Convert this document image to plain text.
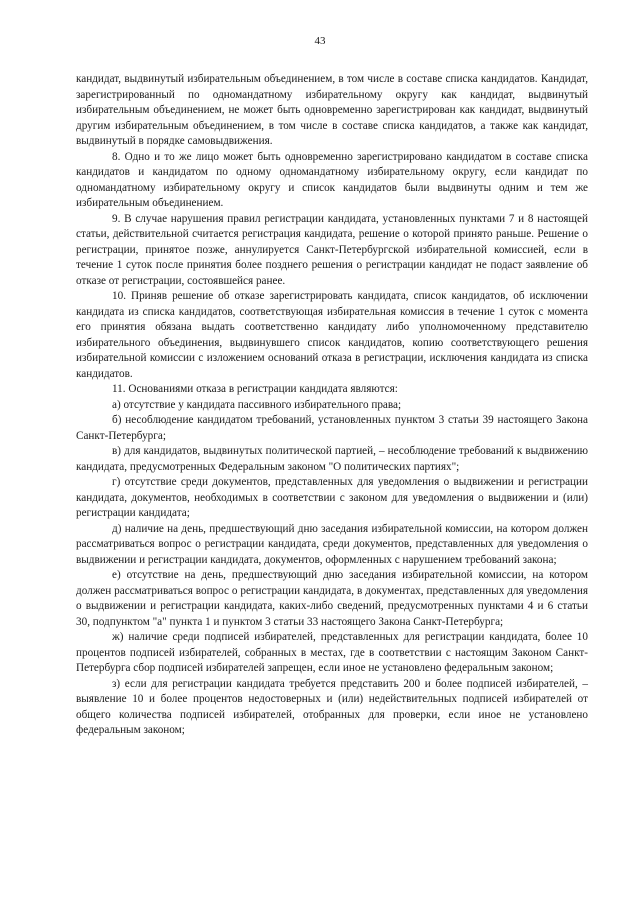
43

кандидат, выдвинутый избирательным объединением, в том числе в составе списка кандидатов. Кандидат, зарегистрированный по одномандатному избирательному округу как кандидат, выдвинутый избирательным объединением, не может быть одновременно зарегистрирован как кандидат, выдвинутый другим избирательным объединением, в том числе в составе списка кандидатов, а также как кандидат, выдвинутый в порядке самовыдвижения.

8. Одно и то же лицо может быть одновременно зарегистрировано кандидатом в составе списка кандидатов и кандидатом по одному одномандатному избирательному округу, если кандидат по одномандатному избирательному округу и список кандидатов были выдвинуты одним и тем же избирательным объединением.

9. В случае нарушения правил регистрации кандидата, установленных пунктами 7 и 8 настоящей статьи, действительной считается регистрация кандидата, решение о которой принято раньше. Решение о регистрации, принятое позже, аннулируется Санкт-Петербургской избирательной комиссией, если в течение 1 суток после принятия более позднего решения о регистрации кандидат не подаст заявление об отказе от регистрации, состоявшейся ранее.

10. Приняв решение об отказе зарегистрировать кандидата, список кандидатов, об исключении кандидата из списка кандидатов, соответствующая избирательная комиссия в течение 1 суток с момента его принятия обязана выдать соответственно кандидату либо уполномоченному представителю избирательного объединения, выдвинувшего список кандидатов, копию соответствующего решения избирательной комиссии с изложением оснований отказа в регистрации, исключения кандидата из списка кандидатов.

11. Основаниями отказа в регистрации кандидата являются:

а) отсутствие у кандидата пассивного избирательного права;

б) несоблюдение кандидатом требований, установленных пунктом 3 статьи 39 настоящего Закона Санкт-Петербурга;

в) для кандидатов, выдвинутых политической партией, – несоблюдение требований к выдвижению кандидата, предусмотренных Федеральным законом "О политических партиях";

г) отсутствие среди документов, представленных для уведомления о выдвижении и регистрации кандидата, документов, необходимых в соответствии с законом для уведомления о выдвижении и (или) регистрации кандидата;

д) наличие на день, предшествующий дню заседания избирательной комиссии, на котором должен рассматриваться вопрос о регистрации кандидата, среди документов, представленных для уведомления о выдвижении и регистрации кандидата, документов, оформленных с нарушением требований закона;

е) отсутствие на день, предшествующий дню заседания избирательной комиссии, на котором должен рассматриваться вопрос о регистрации кандидата, в документах, представленных для уведомления о выдвижении и регистрации кандидата, каких-либо сведений, предусмотренных пунктами 4 и 6 статьи 30, подпунктом "а" пункта 1 и пунктом 3 статьи 33 настоящего Закона Санкт-Петербурга;

ж) наличие среди подписей избирателей, представленных для регистрации кандидата, более 10 процентов подписей избирателей, собранных в местах, где в соответствии с настоящим Законом Санкт-Петербурга сбор подписей избирателей запрещен, если иное не установлено федеральным законом;

з) если для регистрации кандидата требуется представить 200 и более подписей избирателей, – выявление 10 и более процентов недостоверных и (или) недействительных подписей избирателей от общего количества подписей избирателей, отобранных для проверки, если иное не установлено федеральным законом;
